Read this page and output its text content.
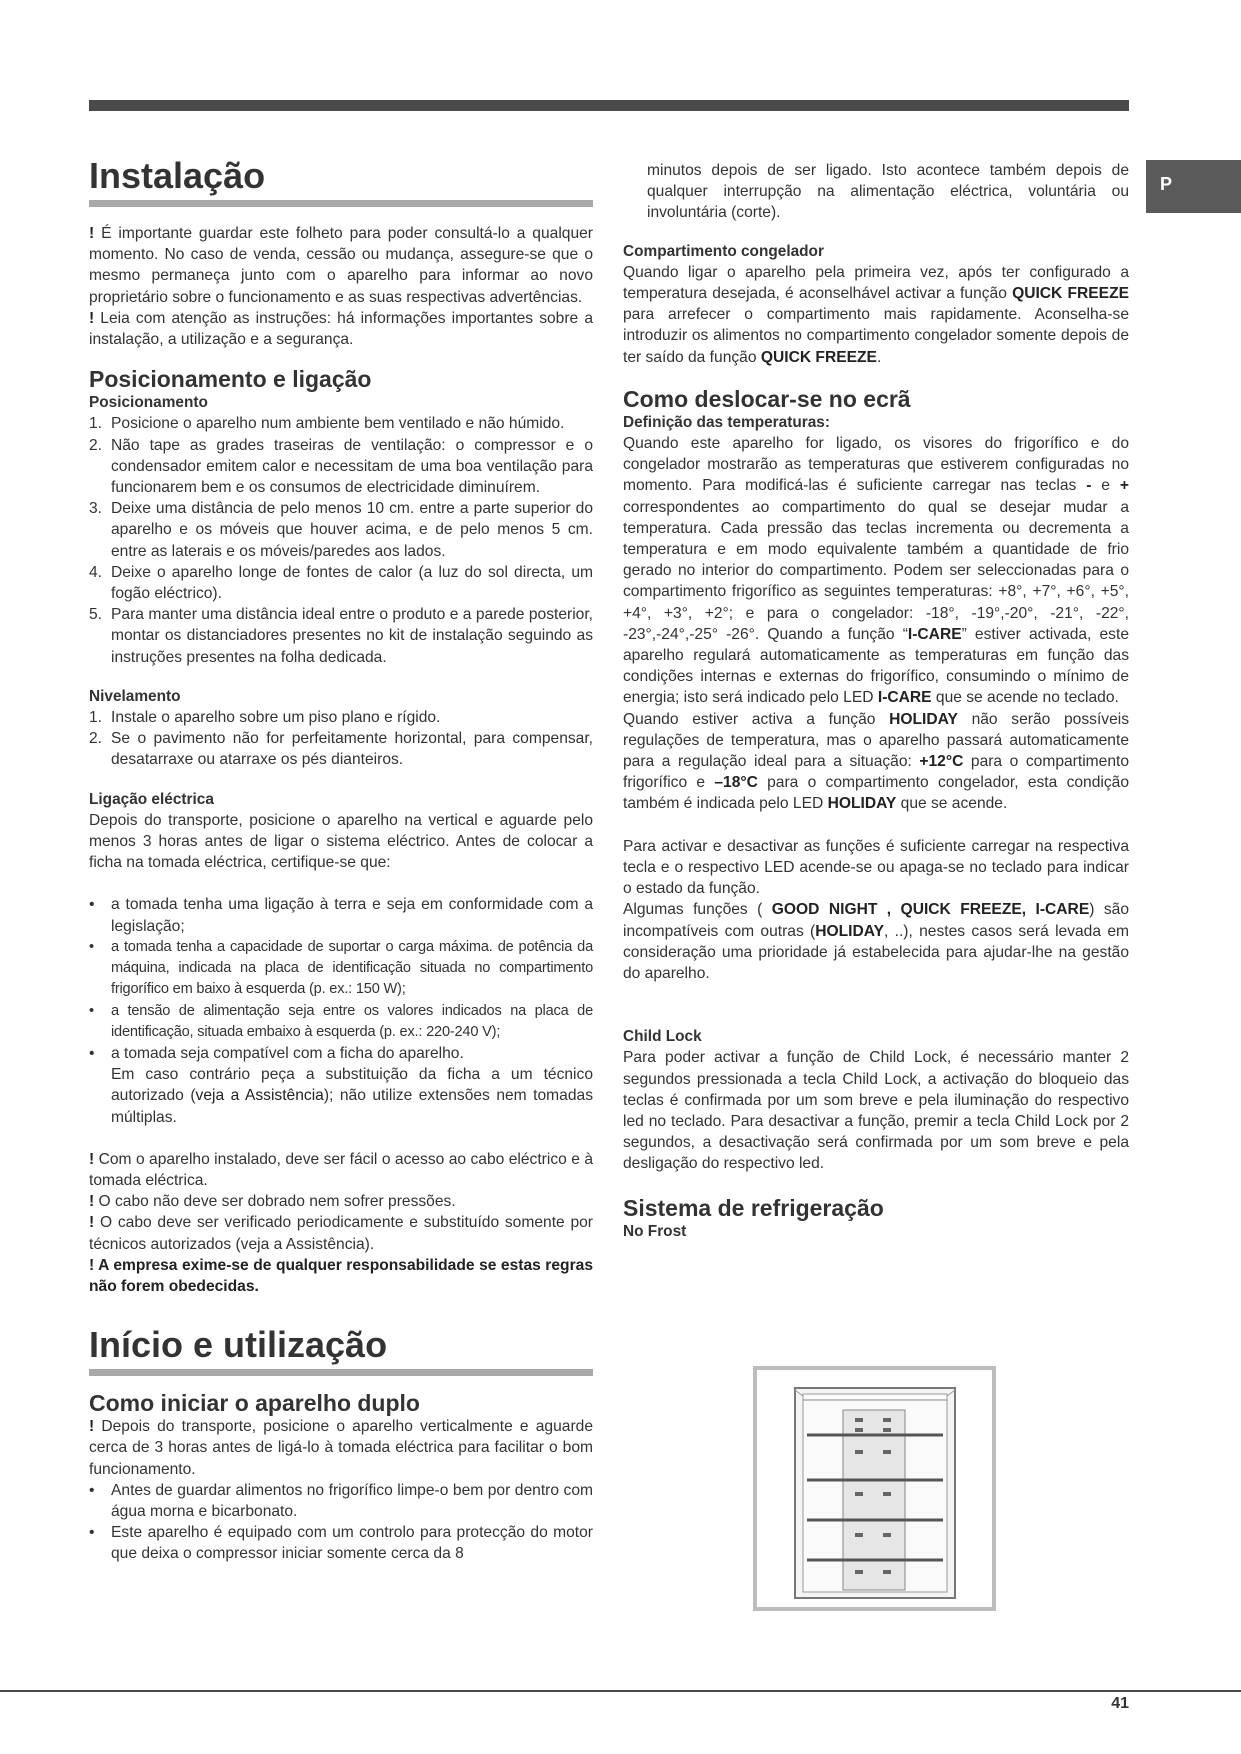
P
Instalação

! É importante guardar este folheto para poder consultá-lo a qualquer momento. No caso de venda, cessão ou mudança, assegure-se que o mesmo permaneça junto com o aparelho para informar ao novo proprietário sobre o funcionamento e as suas respectivas advertências.

! Leia com atenção as instruções: há informações importantes sobre a instalação, a utilização e a segurança.

Posicionamento e ligação

Posicionamento

1. Posicione o aparelho num ambiente bem ventilado e não húmido.
2. Não tape as grades traseiras de ventilação: o compressor e o condensador emitem calor e necessitam de uma boa ventilação para funcionarem bem e os consumos de electricidade diminuírem.
3. Deixe uma distância de pelo menos 10 cm. entre a parte superior do aparelho e os móveis que houver acima, e de pelo menos 5 cm. entre as laterais e os móveis/paredes aos lados.
4. Deixe o aparelho longe de fontes de calor (a luz do sol directa, um fogão eléctrico).
5. Para manter uma distância ideal entre o produto e a parede posterior, montar os distanciadores presentes no kit de instalação seguindo as instruções presentes na folha dedicada.

Nivelamento

1. Instale o aparelho sobre um piso plano e rígido.
2. Se o pavimento não for perfeitamente horizontal, para compensar, desatarraxe ou atarraxe os pés dianteiros.

Ligação eléctrica

Depois do transporte, posicione o aparelho na vertical e aguarde pelo menos 3 horas antes de ligar o sistema eléctrico. Antes de colocar a ficha na tomada eléctrica, certifique-se que:

• a tomada tenha uma ligação à terra e seja em conformidade com a legislação;
• a tomada tenha a capacidade de suportar o carga máxima. de potência da máquina, indicada na placa de identificação situada no compartimento frigorífico em baixo à esquerda (p. ex.: 150 W);
• a tensão de alimentação seja entre os valores indicados na placa de identificação, situada embaixo à esquerda (p. ex.: 220-240 V);
• a tomada seja compatível com a ficha do aparelho.

Em caso contrário peça a substituição da ficha a um técnico autorizado (veja a Assistência); não utilize extensões nem tomadas múltiplas.

! Com o aparelho instalado, deve ser fácil o acesso ao cabo eléctrico e à tomada eléctrica.

! O cabo não deve ser dobrado nem sofrer pressões.

! O cabo deve ser verificado periodicamente e substituído somente por técnicos autorizados (veja a Assistência).

! A empresa exime-se de qualquer responsabilidade se estas regras não forem obedecidas.

Início e utilização
Como iniciar o aparelho duplo

! Depois do transporte, posicione o aparelho verticalmente e aguarde cerca de 3 horas antes de ligá-lo à tomada eléctrica para facilitar o bom funcionamento.

• Antes de guardar alimentos no frigorífico limpe-o bem por dentro com água morna e bicarbonato.
• Este aparelho é equipado com um controlo para protecção do motor que deixa o compressor iniciar somente cerca da 8

minutos depois de ser ligado. Isto acontece também depois de qualquer interrupção na alimentação eléctrica, voluntária ou involuntária (corte).

Compartimento congelador

Quando ligar o aparelho pela primeira vez, após ter configurado a temperatura desejada, é aconselhável activar a função QUICK FREEZE para arrefecer o compartimento mais rapidamente. Aconselha-se introduzir os alimentos no compartimento congelador somente depois de ter saído da função QUICK FREEZE.

Como deslocar-se no ecrã

Definição das temperaturas:

Quando este aparelho for ligado, os visores do frigorífico e do congelador mostrarão as temperaturas que estiverem configuradas no momento. Para modificá-las é suficiente carregar nas teclas - e + correspondentes ao compartimento do qual se desejar mudar a temperatura. Cada pressão das teclas incrementa ou decrementa a temperatura e em modo equivalente também a quantidade de frio gerado no interior do compartimento. Podem ser seleccionadas para o compartimento frigorífico as seguintes temperaturas: +8°, +7°, +6°, +5°, +4°, +3°, +2°; e para o congelador: -18°, -19°,-20°, -21°, -22°, -23°,-24°,-25° -26°. Quando a função “I-CARE” estiver activada, este aparelho regulará automaticamente as temperaturas em função das condições internas e externas do frigorífico, consumindo o mínimo de energia; isto será indicado pelo LED I-CARE que se acende no teclado.

Quando estiver activa a função HOLIDAY não serão possíveis regulações de temperatura, mas o aparelho passará automaticamente para a regulação ideal para a situação: +12°C para o compartimento frigorífico e –18°C para o compartimento congelador, esta condição também é indicada pelo LED HOLIDAY que se acende.

Para activar e desactivar as funções é suficiente carregar na respectiva tecla e o respectivo LED acende-se ou apaga-se no teclado para indicar o estado da função.

Algumas funções ( GOOD NIGHT , QUICK FREEZE, I-CARE) são incompatíveis com outras (HOLIDAY, ..), nestes casos será levada em consideração uma prioridade já estabelecida para ajudar-lhe na gestão do aparelho.

Child Lock

Para poder activar a função de Child Lock, é necessário manter 2 segundos pressionada a tecla Child Lock, a activação do bloqueio das teclas é confirmada por um som breve e pela iluminação do respectivo led no teclado. Para desactivar a função, premir a tecla Child Lock por 2 segundos, a desactivação será confirmada por um som breve e pela desligação do respectivo led.

Sistema de refrigeração

No Frost

41
